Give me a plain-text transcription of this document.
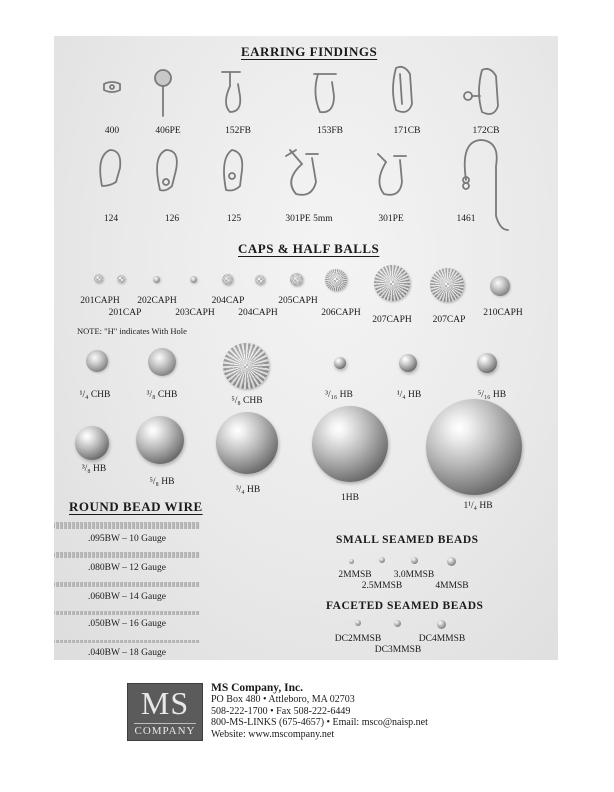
EARRING FINDINGS
400	406PE	152FB	153FB	171CB	172CB
124	126	125	301PE 5mm	301PE	1461
CAPS & HALF BALLS
201CAPH
201CAP
202CAPH
203CAPH
204CAP
204CAPH
205CAPH
206CAPH
207CAPH 207CAP
210CAPH
NOTE: "H" indicates With Hole
¹/₄ CHB	³/₈ CHB
⁵/₈ CHB
³/₁₆ HB	¹/₄ HB	⁵/₁₆ HB
³/₈ HB
⁵/₈ HB
³/₄ HB
1HB
1¹/₄ HB
ROUND BEAD WIRE
.095BW – 10 Gauge
.080BW – 12 Gauge
.060BW – 14 Gauge
.050BW – 16 Gauge
.040BW – 18 Gauge
SMALL SEAMED BEADS
2MMSB
2.5MMSB
3.0MMSB
4MMSB
FACETED SEAMED BEADS
DC2MMSB
DC3MMSB
DC4MMSB
MS
COMPANY
MS Company, Inc.
PO Box 480 • Attleboro, MA 02703
508-222-1700 • Fax 508-222-6449
800-MS-LINKS (675-4657) • Email: msco@naisp.net
Website: www.mscompany.net
